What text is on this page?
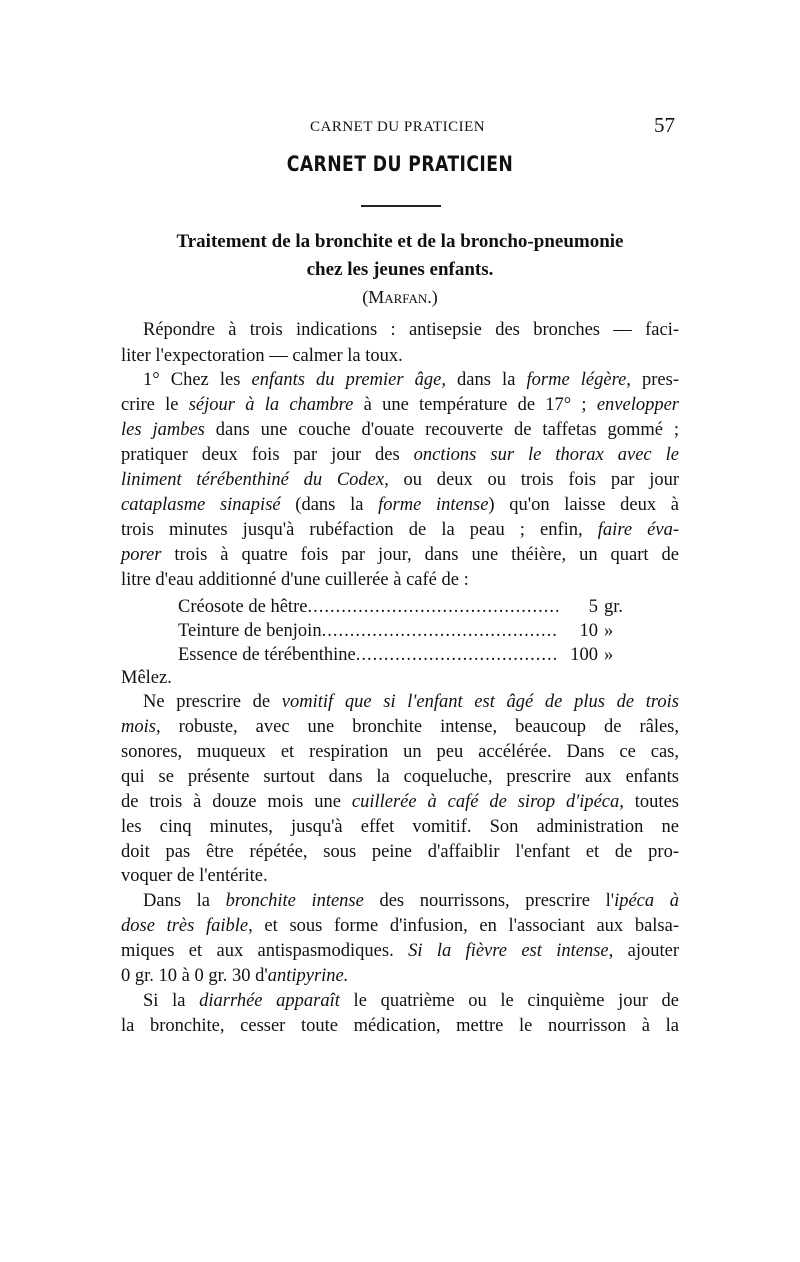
CARNET DU PRATICIEN	57
CARNET DU PRATICIEN
Traitement de la bronchite et de la broncho-pneumonie
chez les jeunes enfants.
(Marfan.)
Répondre à trois indications : antisepsie des bronches — faci-
liter l'expectoration — calmer la toux.
1° Chez les enfants du premier âge, dans la forme légère, pres-
crire le séjour à la chambre à une température de 17° ; envelopper
les jambes dans une couche d'ouate recouverte de taffetas gommé ;
pratiquer deux fois par jour des onctions sur le thorax avec le
liniment térébenthiné du Codex, ou deux ou trois fois par jour
cataplasme sinapisé (dans la forme intense) qu'on laisse deux à
trois minutes jusqu'à rubéfaction de la peau ; enfin, faire éva-
porer trois à quatre fois par jour, dans une théière, un quart de
litre d'eau additionné d'une cuillerée à café de :
Créosote de hêtre .....	5 gr.
Teinture de benjoin .....	10 »
Essence de térébenthine .....	100 »
Mêlez.
Ne prescrire de vomitif que si l'enfant est âgé de plus de trois
mois, robuste, avec une bronchite intense, beaucoup de râles,
sonores, muqueux et respiration un peu accélérée. Dans ce cas,
qui se présente surtout dans la coqueluche, prescrire aux enfants
de trois à douze mois une cuillerée à café de sirop d'ipéca, toutes
les cinq minutes, jusqu'à effet vomitif. Son administration ne
doit pas être répétée, sous peine d'affaiblir l'enfant et de pro-
voquer de l'entérite.
Dans la bronchite intense des nourrissons, prescrire l'ipéca à
dose très faible, et sous forme d'infusion, en l'associant aux balsa-
miques et aux antispasmodiques. Si la fièvre est intense, ajouter
0 gr. 10 à 0 gr. 30 d'antipyrine.
Si la diarrhée apparaît le quatrième ou le cinquième jour de
la bronchite, cesser toute médication, mettre le nourrisson à la
